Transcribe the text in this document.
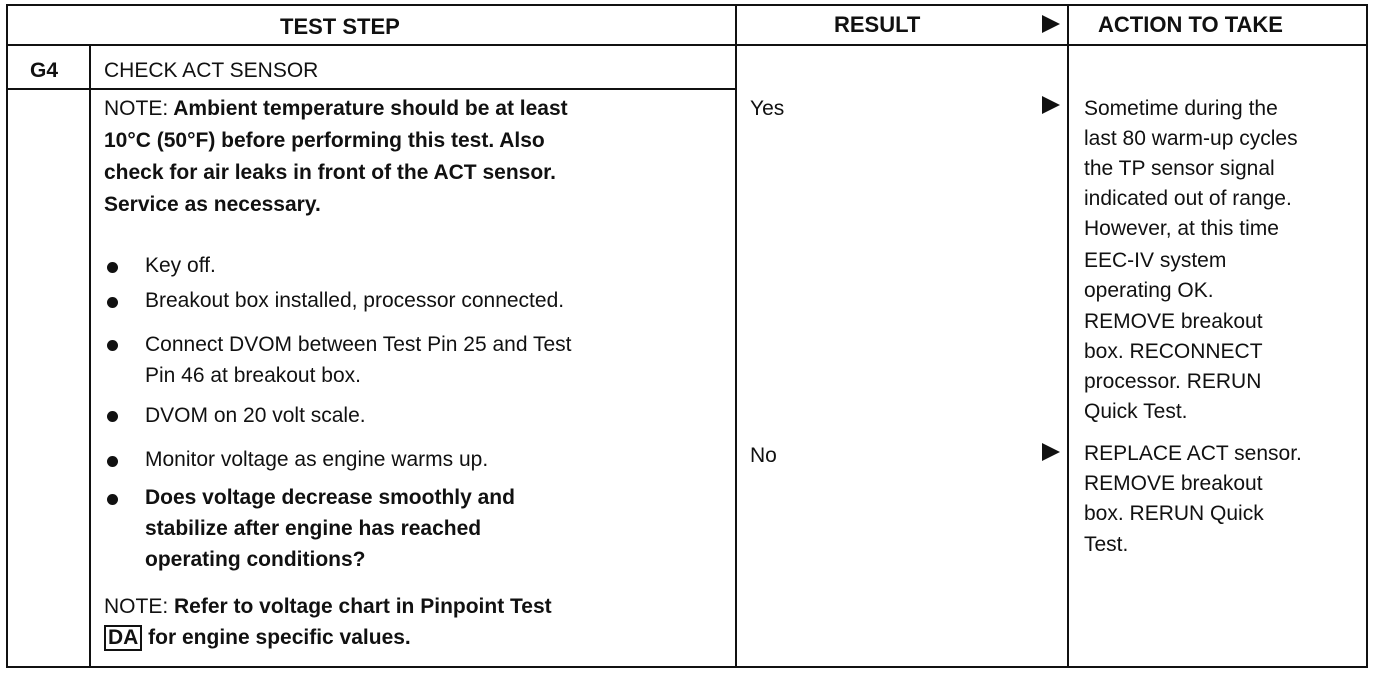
TEST STEP	RESULT	ACTION TO TAKE
G4 CHECK ACT SENSOR
NOTE: Ambient temperature should be at least
10°C (50°F) before performing this test. Also
check for air leaks in front of the ACT sensor.
Service as necessary.
Key off.
Breakout box installed, processor connected.
Connect DVOM between Test Pin 25 and Test
Pin 46 at breakout box.
DVOM on 20 volt scale.
Monitor voltage as engine warms up.
Does voltage decrease smoothly and
stabilize after engine has reached
operating conditions?
NOTE: Refer to voltage chart in Pinpoint Test
DA for engine specific values.
Yes
No
Sometime during the
last 80 warm-up cycles
the TP sensor signal
indicated out of range.
However, at this time
EEC-IV system
operating OK.
REMOVE breakout
box. RECONNECT
processor. RERUN
Quick Test.
REPLACE ACT sensor.
REMOVE breakout
box. RERUN Quick
Test.
